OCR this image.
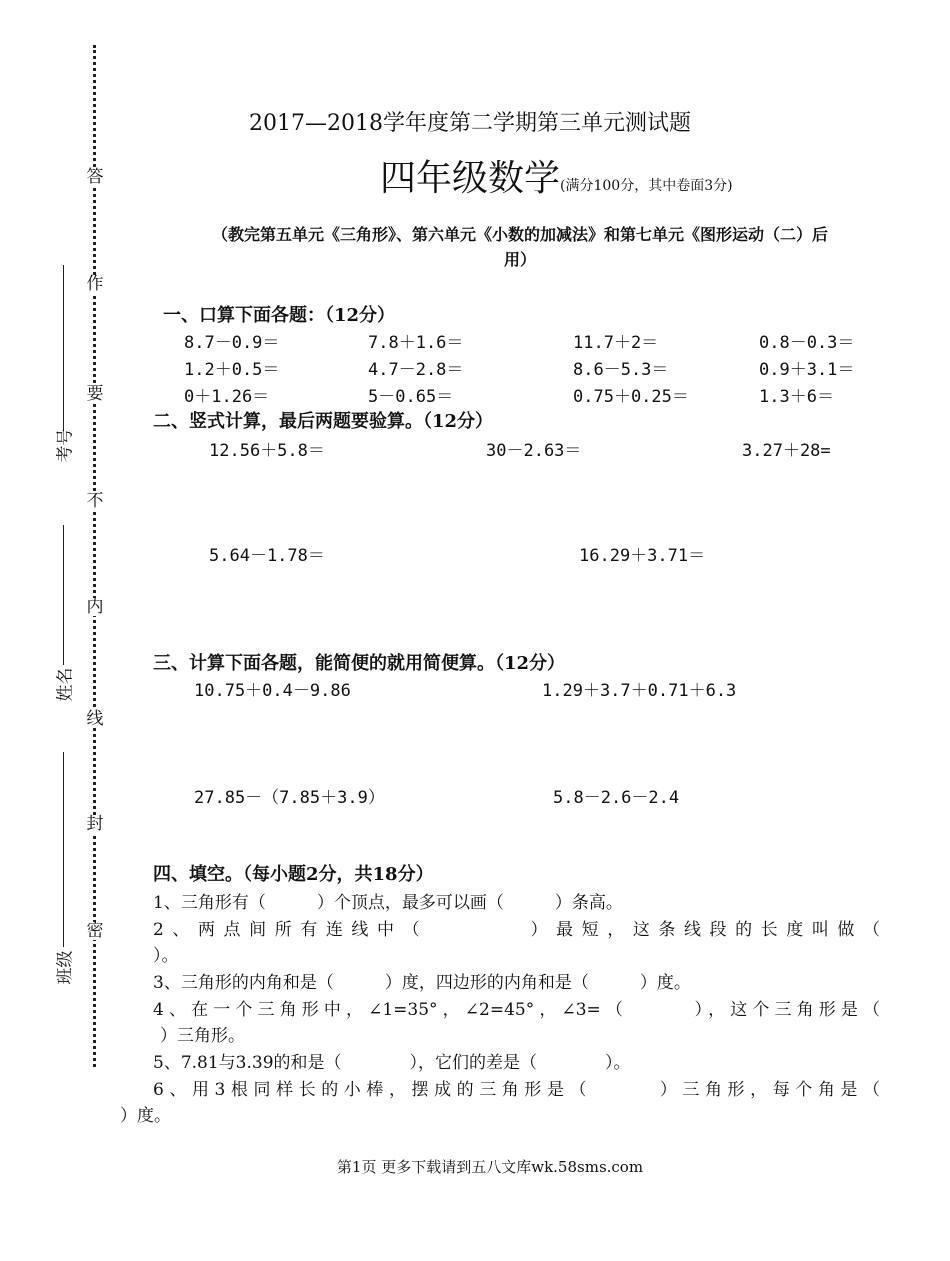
答
作
要
不
内
线
封
密
考号
姓名
班级
2017—2018学年度第二学期第三单元测试题
四年级数学(满分100分，其中卷面3分)
（教完第五单元《三角形》、第六单元《小数的加减法》和第七单元《图形运动（二）后
用）
一、口算下面各题：（12分）
8.7－0.9＝	7.8＋1.6＝	11.7＋2＝	0.8－0.3＝
1.2＋0.5＝	4.7－2.8＝	8.6－5.3＝	0.9＋3.1＝
0＋1.26＝	5－0.65＝	0.75＋0.25＝	1.3＋6＝
二、竖式计算，最后两题要验算。（12分）
12.56＋5.8＝	30－2.63＝	3.27＋28=
5.64－1.78＝	16.29＋3.71＝
三、计算下面各题，能简便的就用简便算。（12分）
10.75＋0.4－9.86	1.29＋3.7＋0.71＋6.3
27.85－（7.85＋3.9）	5.8－2.6－2.4
四、填空。（每小题2分，共18分）
1、三角形有（　　　）个顶点，最多可以画（　　　）条高。
2、两点间所有连线中（　　　　）最短，这条线段的长度叫做（
）。
3、三角形的内角和是（　　　）度，四边形的内角和是（　　　）度。
4、在一个三角形中，∠1=35°，∠2=45°，∠3=（　　　），这个三角形是（
）三角形。
5、7.81与3.39的和是（　　　　），它们的差是（　　　　）。
6、用3根同样长的小棒，摆成的三角形是（　　　）三角形，每个角是（
）度。
第1页 更多下载请到五八文库wk.58sms.com
